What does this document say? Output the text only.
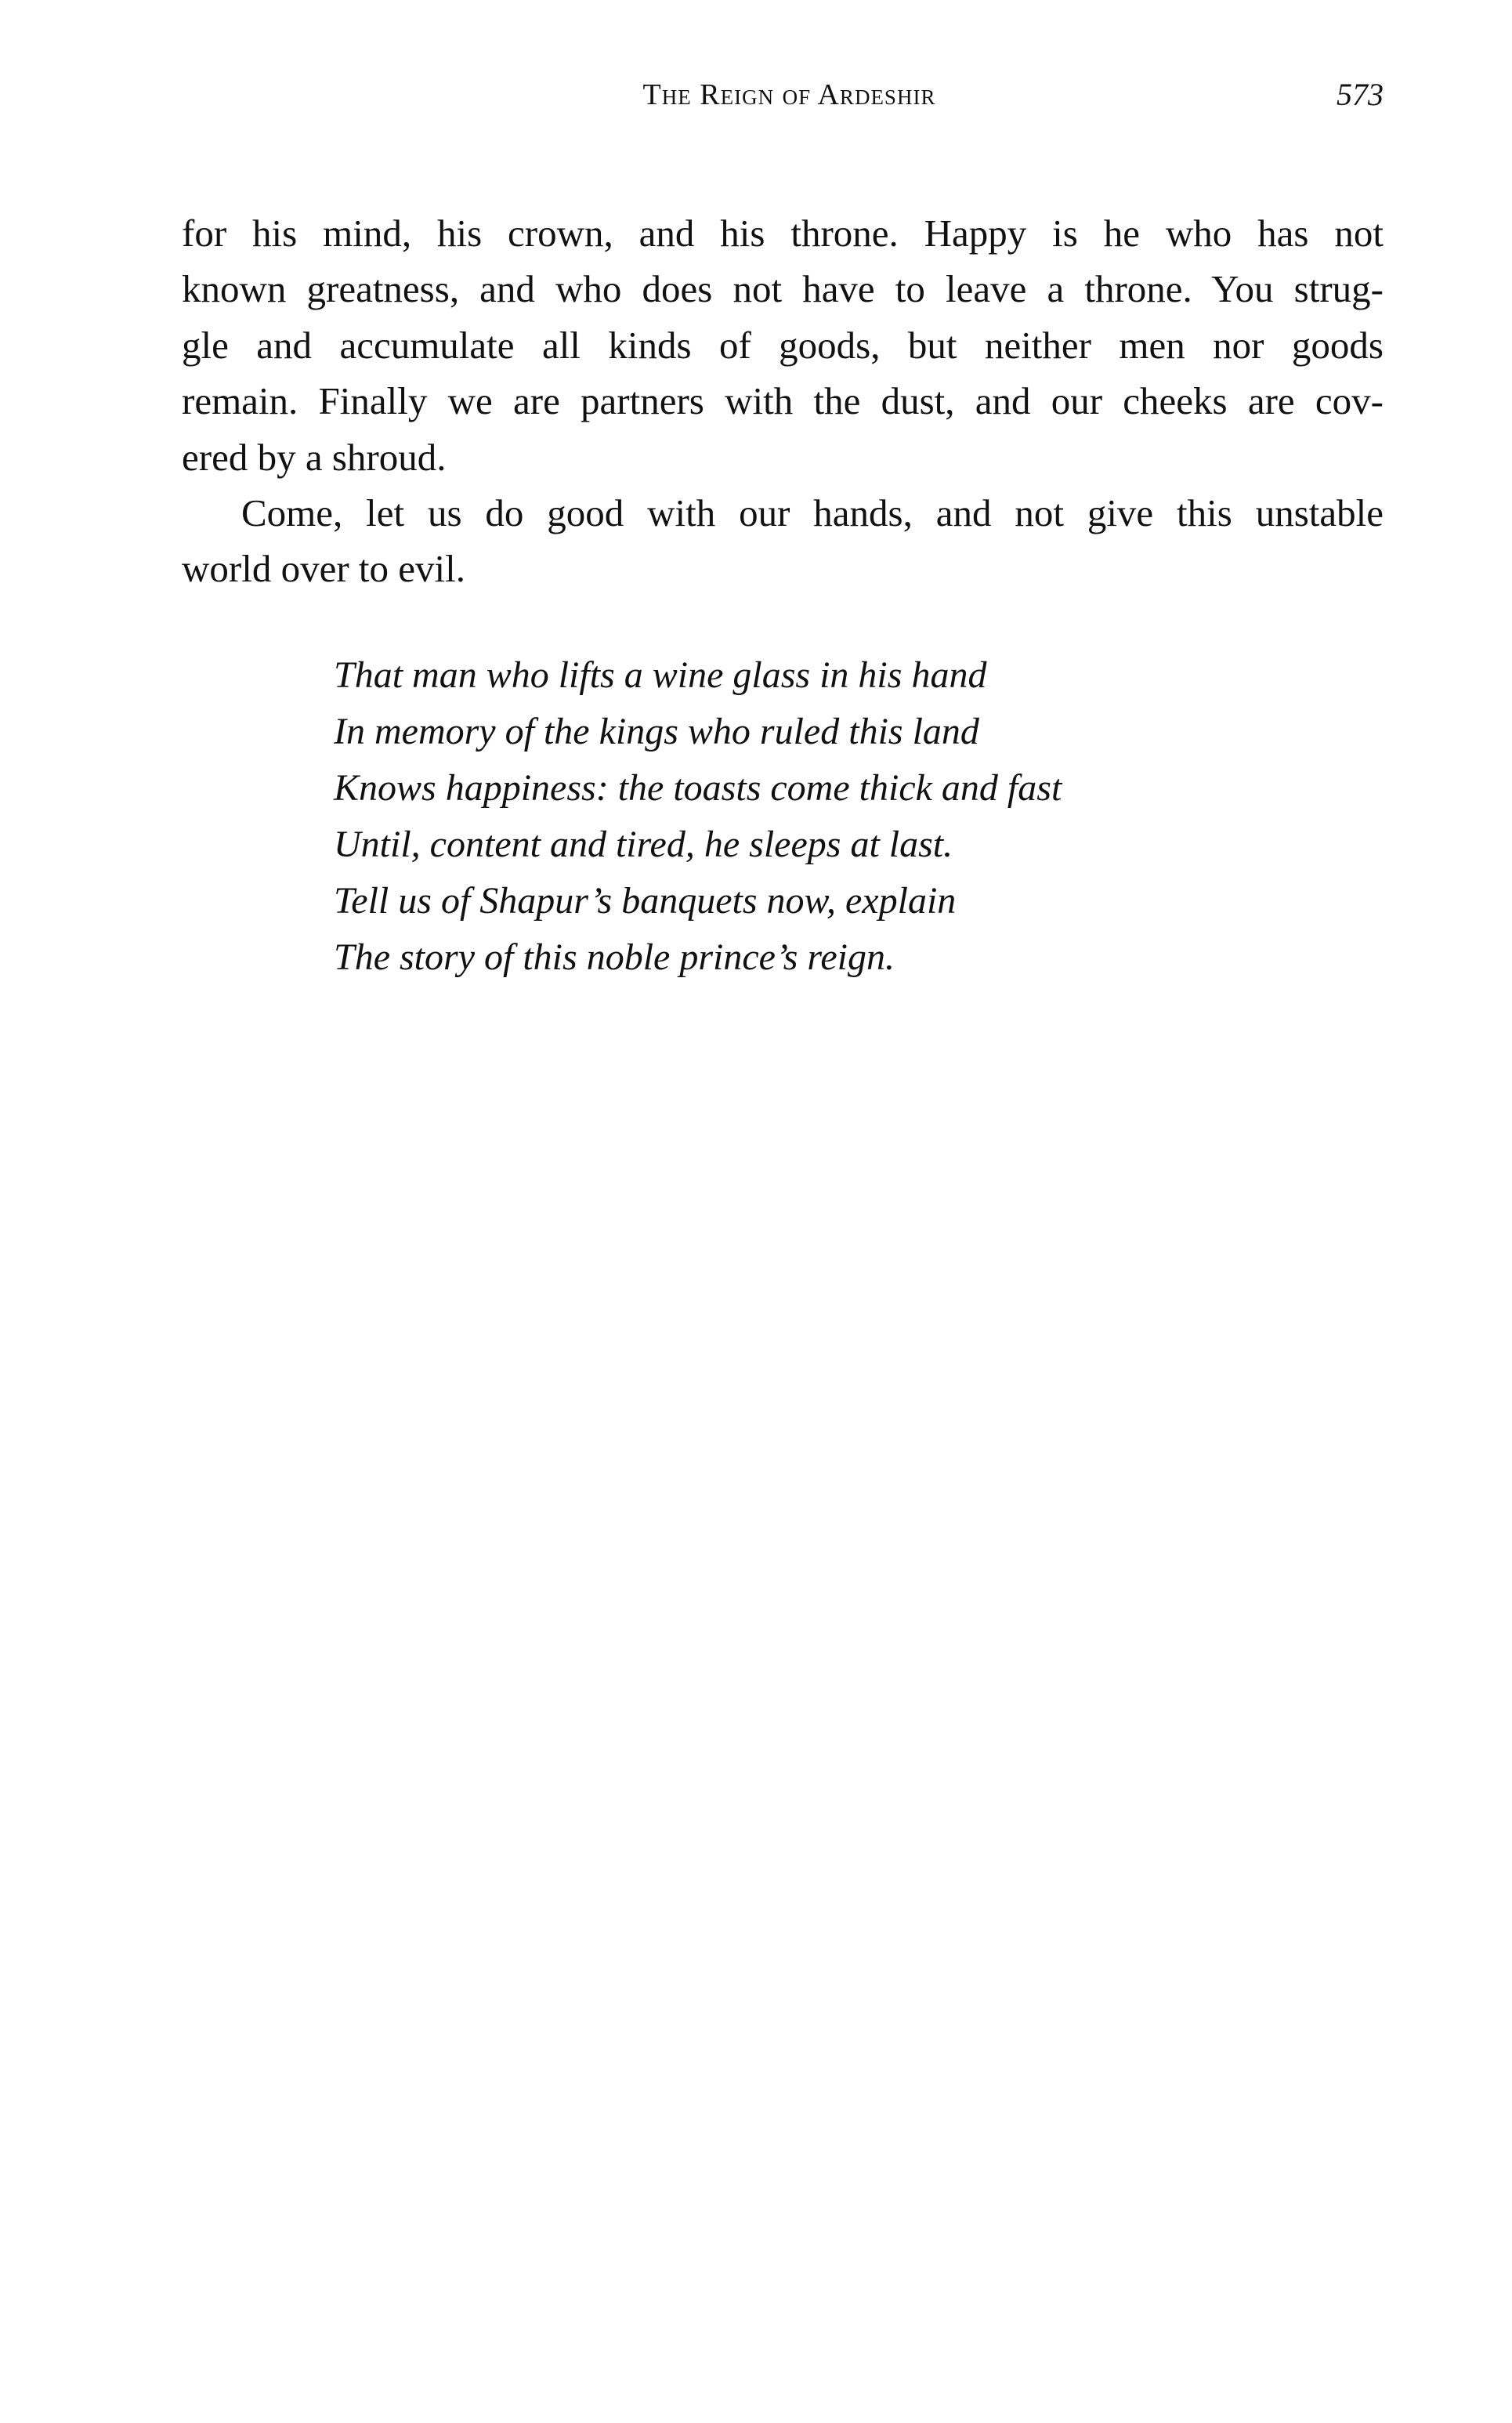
The Reign of Ardeshir	573

for his mind, his crown, and his throne. Happy is he who has not
known greatness, and who does not have to leave a throne. You strug-
gle and accumulate all kinds of goods, but neither men nor goods
remain. Finally we are partners with the dust, and our cheeks are cov-
ered by a shroud.

Come, let us do good with our hands, and not give this unstable
world over to evil.

That man who lifts a wine glass in his hand
In memory of the kings who ruled this land
Knows happiness: the toasts come thick and fast
Until, content and tired, he sleeps at last.
Tell us of Shapur’s banquets now, explain
The story of this noble prince’s reign.
